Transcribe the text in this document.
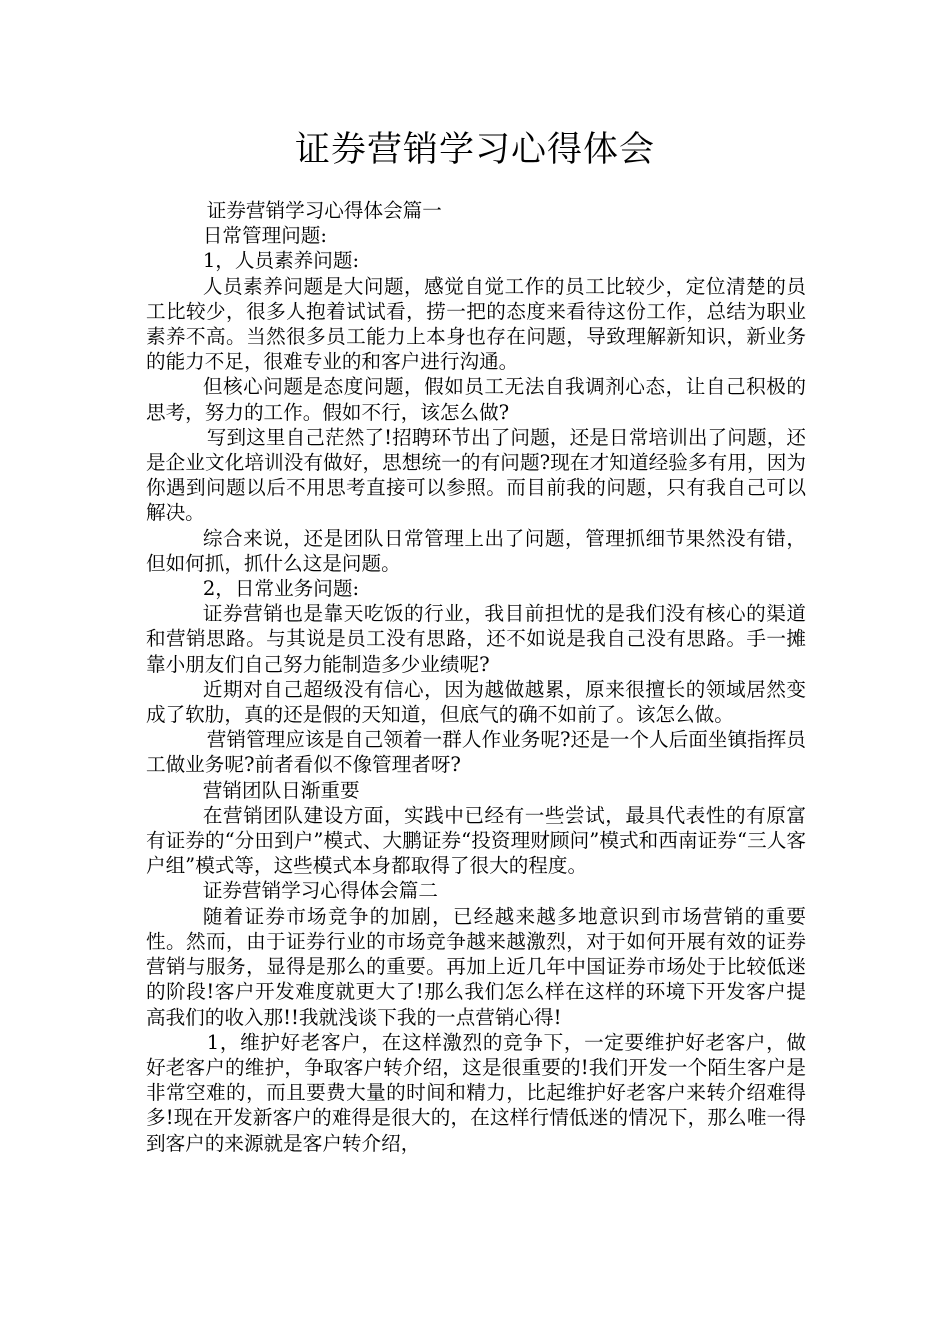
证券营销学习心得体会

证券营销学习心得体会篇一

日常管理问题:

1，人员素养问题:

人员素养问题是大问题，感觉自觉工作的员工比较少，定位清楚的员工比较少，很多人抱着试试看，捞一把的态度来看待这份工作，总结为职业素养不高。当然很多员工能力上本身也存在问题，导致理解新知识，新业务的能力不足，很难专业的和客户进行沟通。

但核心问题是态度问题，假如员工无法自我调剂心态，让自己积极的思考，努力的工作。假如不行，该怎么做?

写到这里自己茫然了!招聘环节出了问题，还是日常培训出了问题，还是企业文化培训没有做好，思想统一的有问题?现在才知道经验多有用，因为你遇到问题以后不用思考直接可以参照。而目前我的问题，只有我自己可以解决。

综合来说，还是团队日常管理上出了问题，管理抓细节果然没有错，但如何抓，抓什么这是问题。

2，日常业务问题:

证券营销也是靠天吃饭的行业，我目前担忧的是我们没有核心的渠道和营销思路。与其说是员工没有思路，还不如说是我自己没有思路。手一摊靠小朋友们自己努力能制造多少业绩呢?

近期对自己超级没有信心，因为越做越累，原来很擅长的领域居然变成了软肋，真的还是假的天知道，但底气的确不如前了。该怎么做。

营销管理应该是自己领着一群人作业务呢?还是一个人后面坐镇指挥员工做业务呢?前者看似不像管理者呀?

营销团队日渐重要

在营销团队建设方面，实践中已经有一些尝试，最具代表性的有原富有证券的“分田到户”模式、大鹏证券“投资理财顾问”模式和西南证券“三人客户组”模式等，这些模式本身都取得了很大的程度。

证券营销学习心得体会篇二

随着证券市场竞争的加剧，已经越来越多地意识到市场营销的重要性。然而，由于证券行业的市场竞争越来越激烈，对于如何开展有效的证券营销与服务，显得是那么的重要。再加上近几年中国证券市场处于比较低迷的阶段!客户开发难度就更大了!那么我们怎么样在这样的环境下开发客户提高我们的收入那!!我就浅谈下我的一点营销心得!

1，维护好老客户，在这样激烈的竞争下，一定要维护好老客户，做好老客户的维护，争取客户转介绍，这是很重要的!我们开发一个陌生客户是非常空难的，而且要费大量的时间和精力，比起维护好老客户来转介绍难得多!现在开发新客户的难得是很大的，在这样行情低迷的情况下，那么唯一得到客户的来源就是客户转介绍，
